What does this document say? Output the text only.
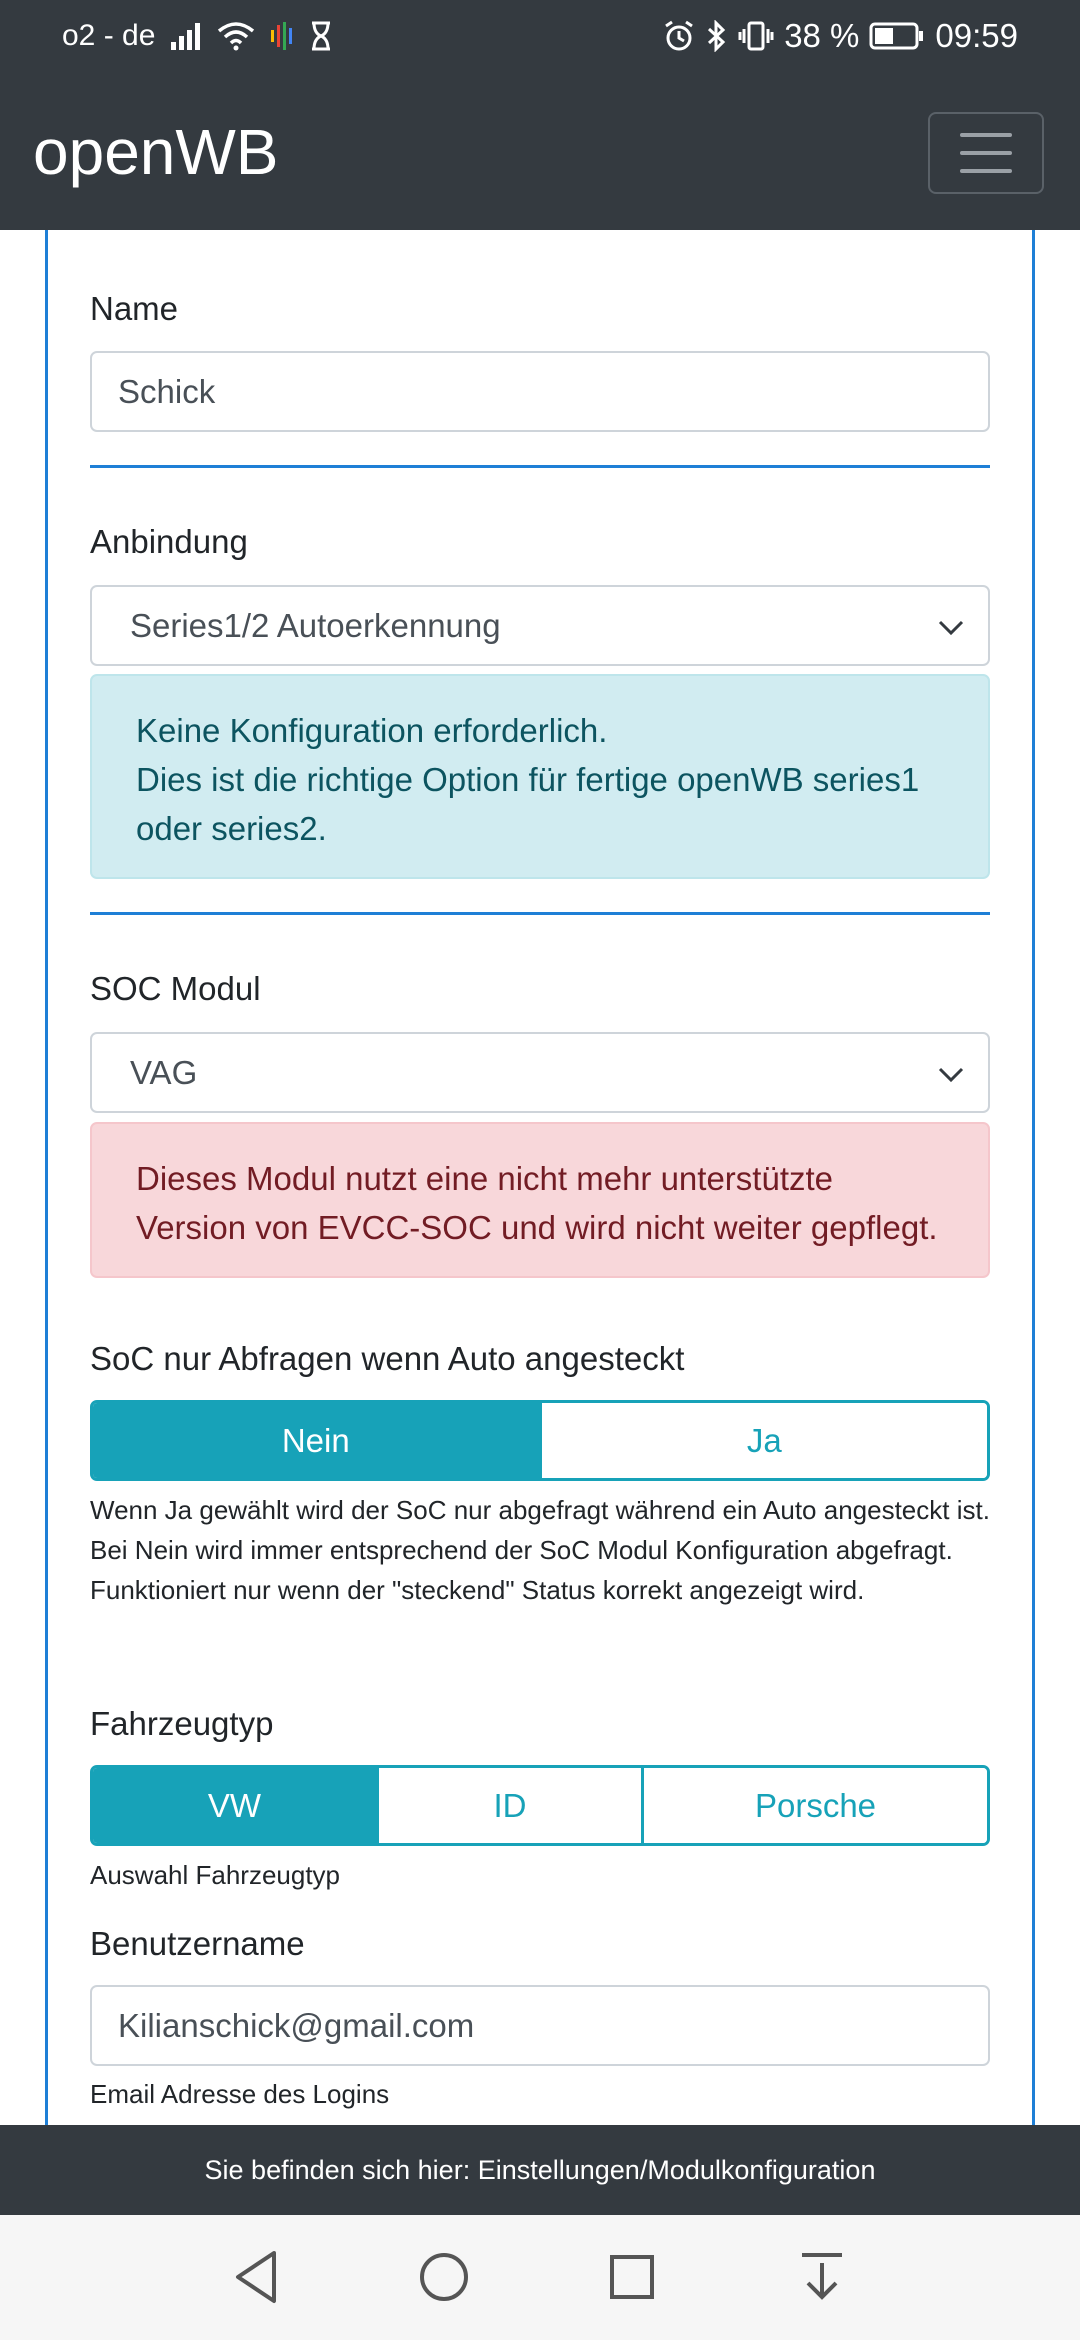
o2 - de	38 % 09:59
openWB
Name
Schick
Anbindung
Series1/2 Autoerkennung
Keine Konfiguration erforderlich.
Dies ist die richtige Option für fertige openWB series1 oder series2.
SOC Modul
VAG
Dieses Modul nutzt eine nicht mehr unterstützte Version von EVCC-SOC und wird nicht weiter gepflegt.
SoC nur Abfragen wenn Auto angesteckt
Nein	Ja
Wenn Ja gewählt wird der SoC nur abgefragt während ein Auto angesteckt ist. Bei Nein wird immer entsprechend der SoC Modul Konfiguration abgefragt. Funktioniert nur wenn der "steckend" Status korrekt angezeigt wird.
Fahrzeugtyp
VW	ID	Porsche
Auswahl Fahrzeugtyp
Benutzername
Kilianschick@gmail.com
Email Adresse des Logins
Sie befinden sich hier: Einstellungen/Modulkonfiguration
